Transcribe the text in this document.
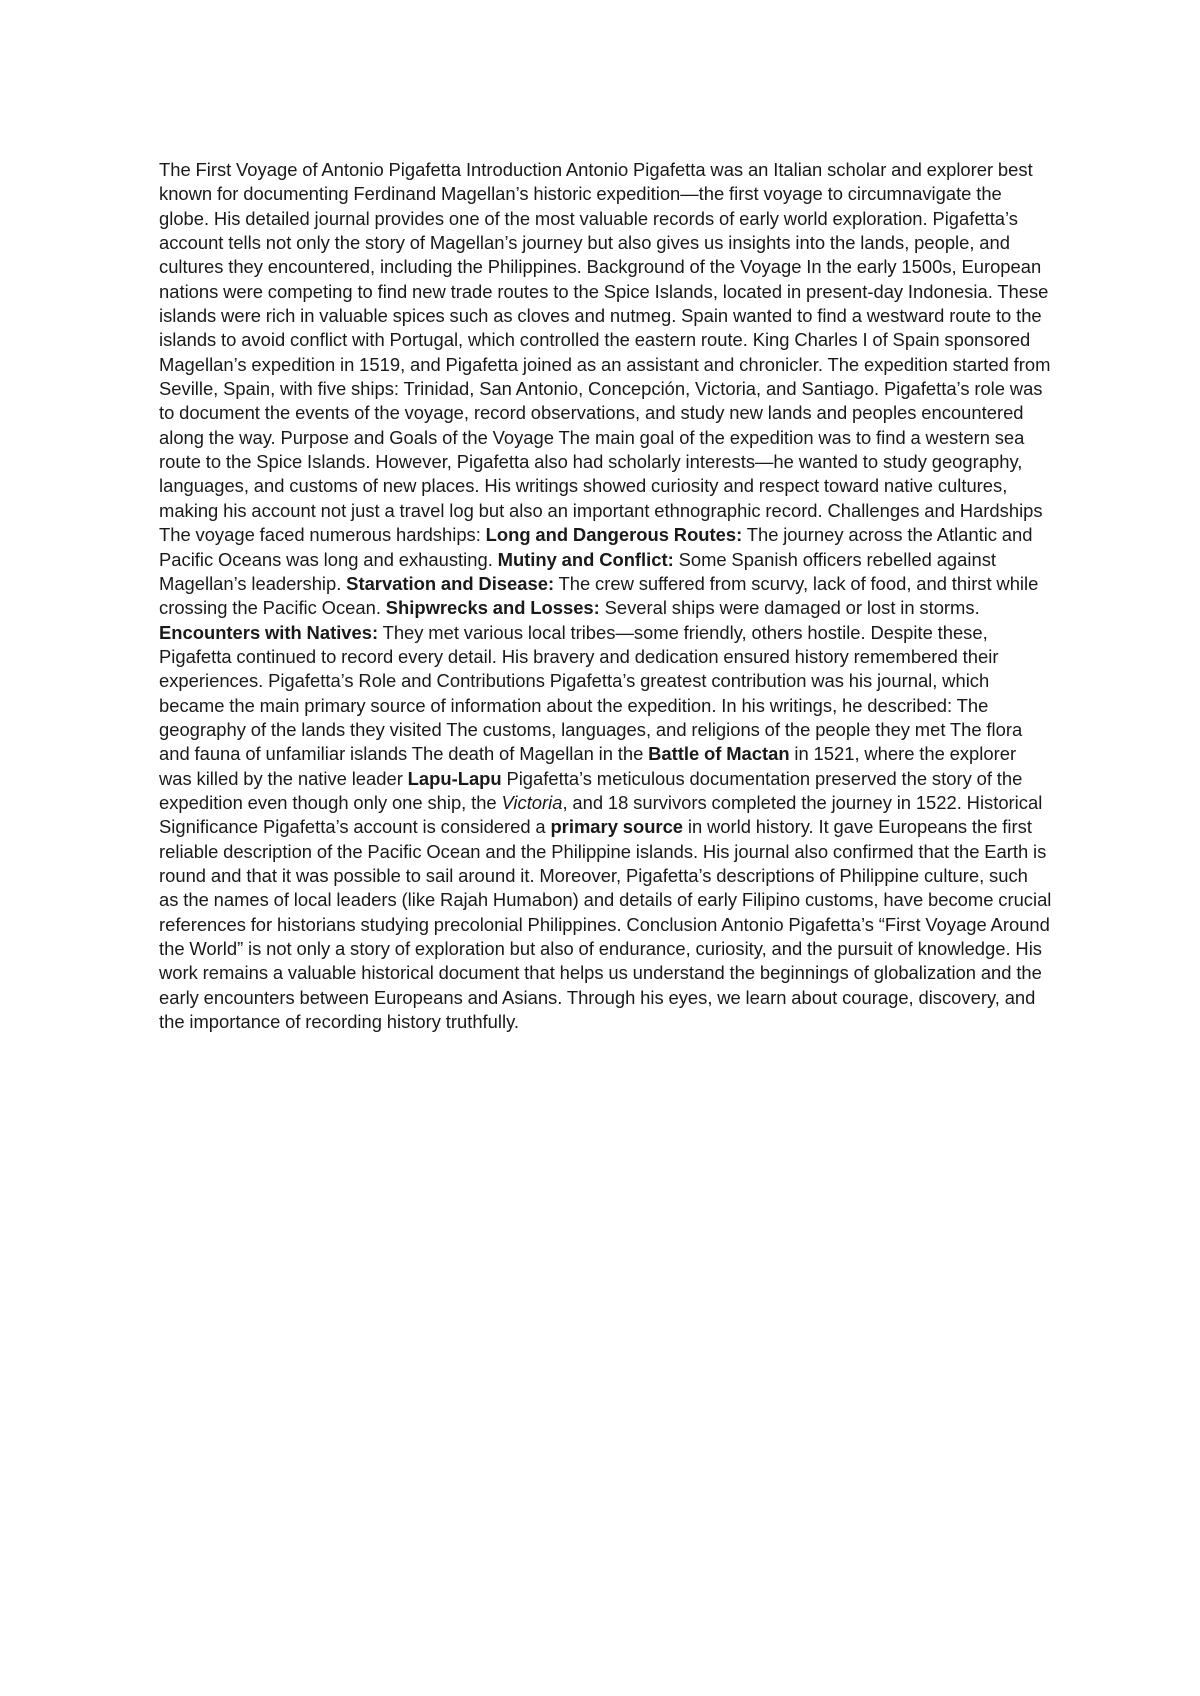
The First Voyage of Antonio Pigafetta Introduction Antonio Pigafetta was an Italian scholar and explorer best known for documenting Ferdinand Magellan’s historic expedition—the first voyage to circumnavigate the globe. His detailed journal provides one of the most valuable records of early world exploration. Pigafetta’s account tells not only the story of Magellan’s journey but also gives us insights into the lands, people, and cultures they encountered, including the Philippines. Background of the Voyage In the early 1500s, European nations were competing to find new trade routes to the Spice Islands, located in present-day Indonesia. These islands were rich in valuable spices such as cloves and nutmeg. Spain wanted to find a westward route to the islands to avoid conflict with Portugal, which controlled the eastern route. King Charles I of Spain sponsored Magellan’s expedition in 1519, and Pigafetta joined as an assistant and chronicler. The expedition started from Seville, Spain, with five ships: Trinidad, San Antonio, Concepción, Victoria, and Santiago. Pigafetta’s role was to document the events of the voyage, record observations, and study new lands and peoples encountered along the way. Purpose and Goals of the Voyage The main goal of the expedition was to find a western sea route to the Spice Islands. However, Pigafetta also had scholarly interests—he wanted to study geography, languages, and customs of new places. His writings showed curiosity and respect toward native cultures, making his account not just a travel log but also an important ethnographic record. Challenges and Hardships The voyage faced numerous hardships: Long and Dangerous Routes: The journey across the Atlantic and Pacific Oceans was long and exhausting. Mutiny and Conflict: Some Spanish officers rebelled against Magellan’s leadership. Starvation and Disease: The crew suffered from scurvy, lack of food, and thirst while crossing the Pacific Ocean. Shipwrecks and Losses: Several ships were damaged or lost in storms. Encounters with Natives: They met various local tribes—some friendly, others hostile. Despite these, Pigafetta continued to record every detail. His bravery and dedication ensured history remembered their experiences. Pigafetta’s Role and Contributions Pigafetta’s greatest contribution was his journal, which became the main primary source of information about the expedition. In his writings, he described: The geography of the lands they visited The customs, languages, and religions of the people they met The flora and fauna of unfamiliar islands The death of Magellan in the Battle of Mactan in 1521, where the explorer was killed by the native leader Lapu-Lapu Pigafetta’s meticulous documentation preserved the story of the expedition even though only one ship, the Victoria, and 18 survivors completed the journey in 1522. Historical Significance Pigafetta’s account is considered a primary source in world history. It gave Europeans the first reliable description of the Pacific Ocean and the Philippine islands. His journal also confirmed that the Earth is round and that it was possible to sail around it. Moreover, Pigafetta’s descriptions of Philippine culture, such as the names of local leaders (like Rajah Humabon) and details of early Filipino customs, have become crucial references for historians studying precolonial Philippines. Conclusion Antonio Pigafetta’s “First Voyage Around the World” is not only a story of exploration but also of endurance, curiosity, and the pursuit of knowledge. His work remains a valuable historical document that helps us understand the beginnings of globalization and the early encounters between Europeans and Asians. Through his eyes, we learn about courage, discovery, and the importance of recording history truthfully.
